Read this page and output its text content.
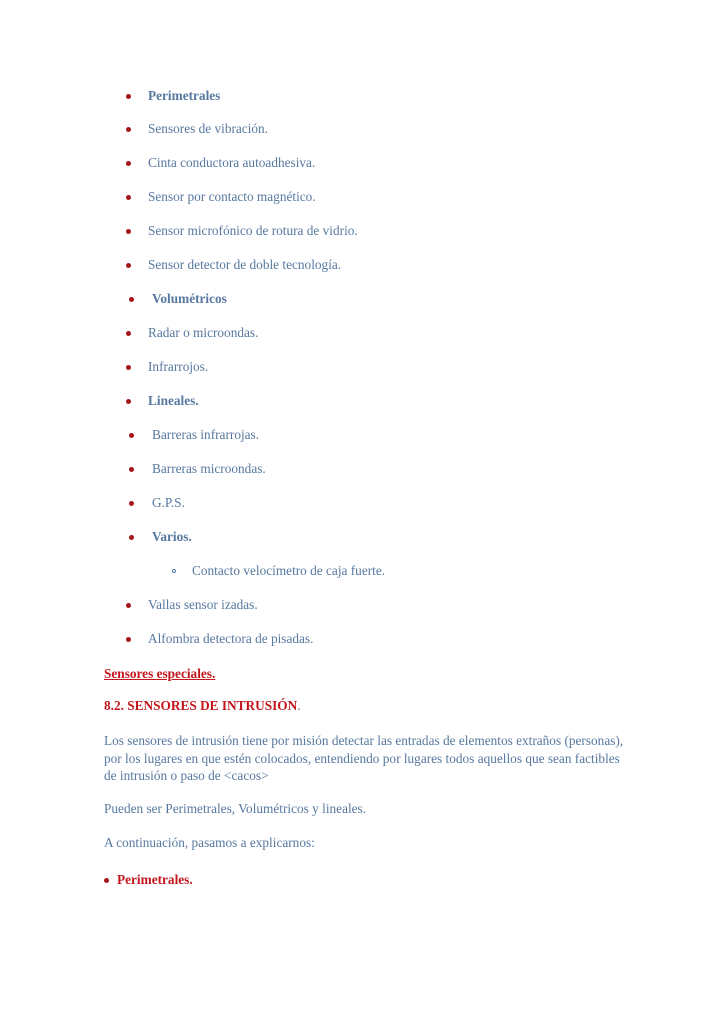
Perimetrales
Sensores de vibración.
Cinta conductora autoadhesiva.
Sensor por contacto magnético.
Sensor microfónico de rotura de vidrio.
Sensor detector de doble tecnología.
Volumétricos
Radar o microondas.
Infrarrojos.
Lineales.
Barreras infrarrojas.
Barreras microondas.
G.P.S.
Varios.
Contacto velocímetro de caja fuerte.
Vallas sensor izadas.
Alfombra detectora de pisadas.
Sensores especiales.
8.2. SENSORES DE INTRUSIÓN.
Los sensores de intrusión tiene por misión detectar las entradas de elementos extraños (personas), por los lugares en que estén colocados, entendiendo por lugares todos aquellos que sean factibles de intrusión o paso de <cacos>
Pueden ser Perimetrales, Volumétricos y lineales.
A continuación, pasamos a explicarnos:
Perimetrales.
